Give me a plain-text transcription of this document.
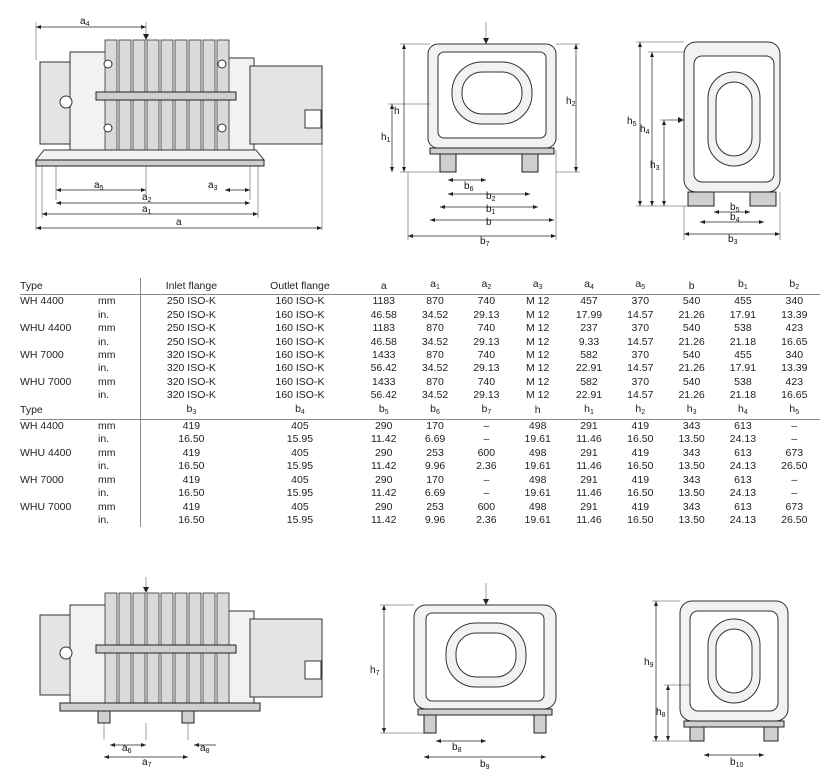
$a_4$
$a_5$	$a_3$
$a_2$
$a_1$
a
h
$h_1$
$h_2$
$b_6$
$b_2$
$b_1$
b
$b_7$
$h_5$ $h_4$
$h_3$
$b_5$
$b_4$
$b_3$
Type		Inlet flange	Outlet flange	a	$a_1$	$a_2$	$a_3$	$a_4$	$a_5$	b	$b_1$	$b_2$
WH 4400	mm	250 ISO-K	160 ISO-K	1183	870	740	M 12	457	370	540	455	340
	in.	250 ISO-K	160 ISO-K	46.58	34.52	29.13	M 12	17.99	14.57	21.26	17.91	13.39
WHU 4400	mm	250 ISO-K	160 ISO-K	1183	870	740	M 12	237	370	540	538	423
	in.	250 ISO-K	160 ISO-K	46.58	34.52	29.13	M 12	9.33	14.57	21.26	21.18	16.65
WH 7000	mm	320 ISO-K	160 ISO-K	1433	870	740	M 12	582	370	540	455	340
	in.	320 ISO-K	160 ISO-K	56.42	34.52	29.13	M 12	22.91	14.57	21.26	17.91	13.39
WHU 7000	mm	320 ISO-K	160 ISO-K	1433	870	740	M 12	582	370	540	538	423
	in.	320 ISO-K	160 ISO-K	56.42	34.52	29.13	M 12	22.91	14.57	21.26	21.18	16.65
Type		$b_3$	$b_4$	$b_5$	$b_6$	$b_7$	h	$h_1$	$h_2$	$h_3$	$h_4$	$h_5$
WH 4400	mm	419	405	290	170	–	498	291	419	343	613	–
	in.	16.50	15.95	11.42	6.69	–	19.61	11.46	16.50	13.50	24.13	–
WHU 4400	mm	419	405	290	253	600	498	291	419	343	613	673
	in.	16.50	15.95	11.42	9.96	2.36	19.61	11.46	16.50	13.50	24.13	26.50
WH 7000	mm	419	405	290	170	–	498	291	419	343	613	–
	in.	16.50	15.95	11.42	6.69	–	19.61	11.46	16.50	13.50	24.13	–
WHU 7000	mm	419	405	290	253	600	498	291	419	343	613	673
	in.	16.50	15.95	11.42	9.96	2.36	19.61	11.46	16.50	13.50	24.13	26.50
$a_6$	$a_8$
$a_7$
$h_7$
$b_8$
$b_9$
$h_9$
$h_8$
$b_{10}$
